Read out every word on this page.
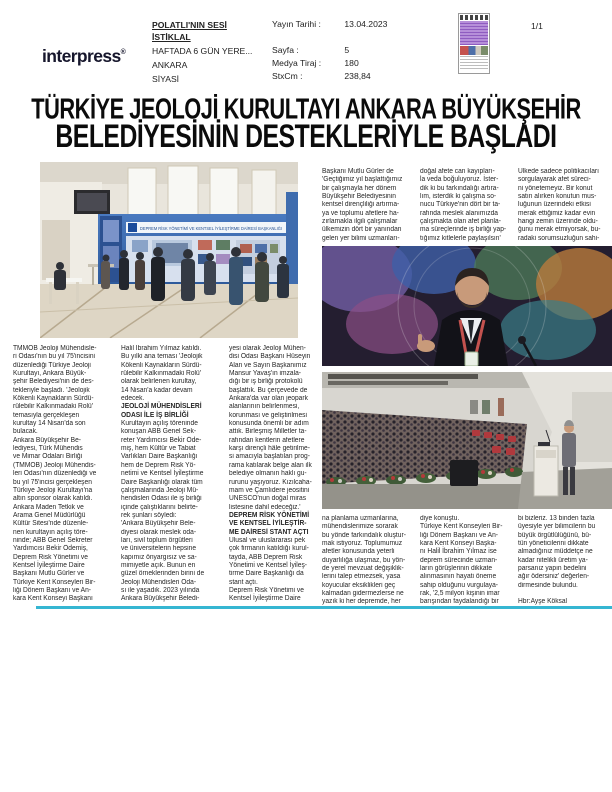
interpress®
POLATLI'NIN SESİ
İSTİKLAL
HAFTADA 6 GÜN YERE...
ANKARA
SİYASİ
Yayın Tarihi :	13.04.2023
Sayfa :	5
Medya Tiraj :	180
StxCm :	238,84
1/1
TÜRKİYE JEOLOJİ KURULTAYI ANKARA BÜYÜKŞEHİR
BELEDİYESİNİN DESTEKLERİYLE BAŞLADI
DEPREM RİSK YÖNETİMİ VE KENTSEL İYİLEŞTİRME DAİRESİ BAŞKANLIĞI
TMMOB Jeoloji Mühendisle-
ri Odası'nın bu yıl 75'incisini
düzenlediği Türkiye Jeoloji
Kurultayı, Ankara Büyük-
şehir Belediyesi'nin de des-
tekleriyle başladı. 'Jeolojik
Kökenli Kaynakların Sürdü-
rülebilir Kalkınmadaki Rolü'
temasıyla gerçekleşen
kurultay 14 Nisan'da son
bulacak.
Ankara Büyükşehir Be-
lediyesi, Türk Mühendis
ve Mimar Odaları Birliği
(TMMOB) Jeoloji Mühendis-
leri Odası'nın düzenlediği ve
bu yıl 75'incisi gerçekleşen
Türkiye Jeoloji Kurultayı'na
altın sponsor olarak katıldı.
Ankara Maden Tetkik ve
Arama Genel Müdürlüğü
Kültür Sitesi'nde düzenle-
nen kurultayın açılış töre-
ninde; ABB Genel Sekreter
Yardımcısı Bekir Ödemiş,
Deprem Risk Yönetimi ve
Kentsel İyileştirme Daire
Başkanı Mutlu Gürler ve
Türkiye Kent Konseyleri Bir-
liği Dönem Başkanı ve An-
kara Kent Konseyi Başkanı
Halil İbrahim Yılmaz katıldı.
Bu yılki ana teması 'Jeolojik
Kökenli Kaynakların Sürdü-
rülebilir Kalkınmadaki Rolü'
olarak belirlenen kurultay,
14 Nisan'a kadar devam
edecek.
JEOLOJİ MÜHENDİSLERİ
ODASI İLE İŞ BİRLİĞİ
Kurultayın açılış töreninde
konuşan ABB Genel Sek-
reter Yardımcısı Bekir Öde-
miş, hem Kültür ve Tabiat
Varlıkları Daire Başkanlığı
hem de Deprem Risk Yö-
netimi ve Kentsel İyileştirme
Daire Başkanlığı olarak tüm
çalışmalarında Jeoloji Mü-
hendisleri Odası ile iş birliği
içinde çalıştıklarını belirte-
rek şunları söyledi:
'Ankara Büyükşehir Bele-
diyesi olarak meslek oda-
ları, sivil toplum örgütleri
ve üniversitelerin hepsine
kapımız önyargısız ve sa-
mimiyetle açık. Bunun en
güzel örneklerinden birini de
Jeoloji Mühendisleri Oda-
sı ile yaşadık. 2023 yılında
Ankara Büyükşehir Beledi-
yesi olarak Jeoloji Mühen-
disi Odası Başkanı Hüseyin
Alan ve Sayın Başkanımız
Mansur Yavaş'ın imzala-
dığı bir iş birliği protokolü
başlattık. Bu çerçevede de
Ankara'da var olan jeopark
alanlarının belirlenmesi,
korunması ve geliştirilmesi
konusunda önemli bir adım
attık. Birleşmiş Milletler ta-
rafından kentlerin afetlere
karşı dirençli hâle getirilme-
si amacıyla başlatılan prog-
rama katılarak belge alan ilk
belediye olmanın haklı gu-
rurunu yaşıyoruz. Kızılcaha-
mam ve Çamlıdere jeositini
UNESCO'nun doğal miras
listesine dahil edeceğiz.'
DEPREM RİSK YÖNETİMİ
VE KENTSEL İYİLEŞTİR-
ME DAİRESİ STANT AÇTI
Ulusal ve uluslararası pek
çok firmanın katıldığı kurul-
tayda, ABB Deprem Risk
Yönetimi ve Kentsel İyileş-
tirme Daire Başkanlığı da
stant açtı.
Deprem Risk Yönetimi ve
Kentsel İyileştirme Daire
Başkanı Mutlu Gürler de
'Geçtiğimiz yıl başlattığımız
bir çalışmayla her dönem
Büyükşehir Belediyesinin
kentsel dirençliliği artırma-
ya ve toplumu afetlere ha-
zırlamakla ilgili çalışmalar
ülkemizin dört bir yanından
gelen yer bilimi uzmanları-
doğal afete can kayıpları-
la veda boğuluyoruz. İster-
dik ki bu farkındalığı artıra-
lım, isterdik ki çalışma so-
nucu Türkiye'nin dört bir ta-
rafında meslek alanımızda
çalışmakta olan afet planla-
ma süreçlerinde iş birliği yap-
tığımız kitlelerle paylaşılsın'
Ülkede sadece politikacıları
sorgulayarak afet süreci-
ni yönetemeyiz. Bir konut
satın alırken konutun mus-
luğunun üzerindeki etkisi
merak ettiğimiz kadar evin
hangi zemin üzerinde oldu-
ğunu merak etmiyorsak, bu-
radaki sorumsuzluğun sahi-
na planlama uzmanlarına,
mühendislerimize sorarak
bu yönde farkındalık oluştur-
mak istiyoruz. Toplumumuz
afetler konusunda yeterli
duyarlılığa ulaşmaz, bu yön-
de yerel mevzuat değişiklik-
lerini talep etmezsek, yasa
koyucular eksiklikleri geç
kalmadan gidermezlerse ne
yazık ki her depremde, her
diye konuştu.
Türkiye Kent Konseyleri Bir-
liği Dönem Başkanı ve An-
kara Kent Konseyi Başka-
nı Halil İbrahim Yılmaz ise
deprem sürecinde uzman-
ların görüşlerinin dikkate
alınmasının hayati öneme
sahip olduğunu vurgulaya-
rak, '2,5 milyon kişinin imar
barışından faydalandığı bir
bi bizleriz. 13 binden fazla
üyesiyle yer bilimcilerin bu
büyük örgütlülüğünü, bü-
tün yöneticilerini dikkate
almadığınız müddetçe ne
kadar nitelikli üretim ya-
parsanız yapın bedelini
ağır ödersiniz' değerlen-
dirmesinde bulundu.
Hbr:Ayşe Köksal
